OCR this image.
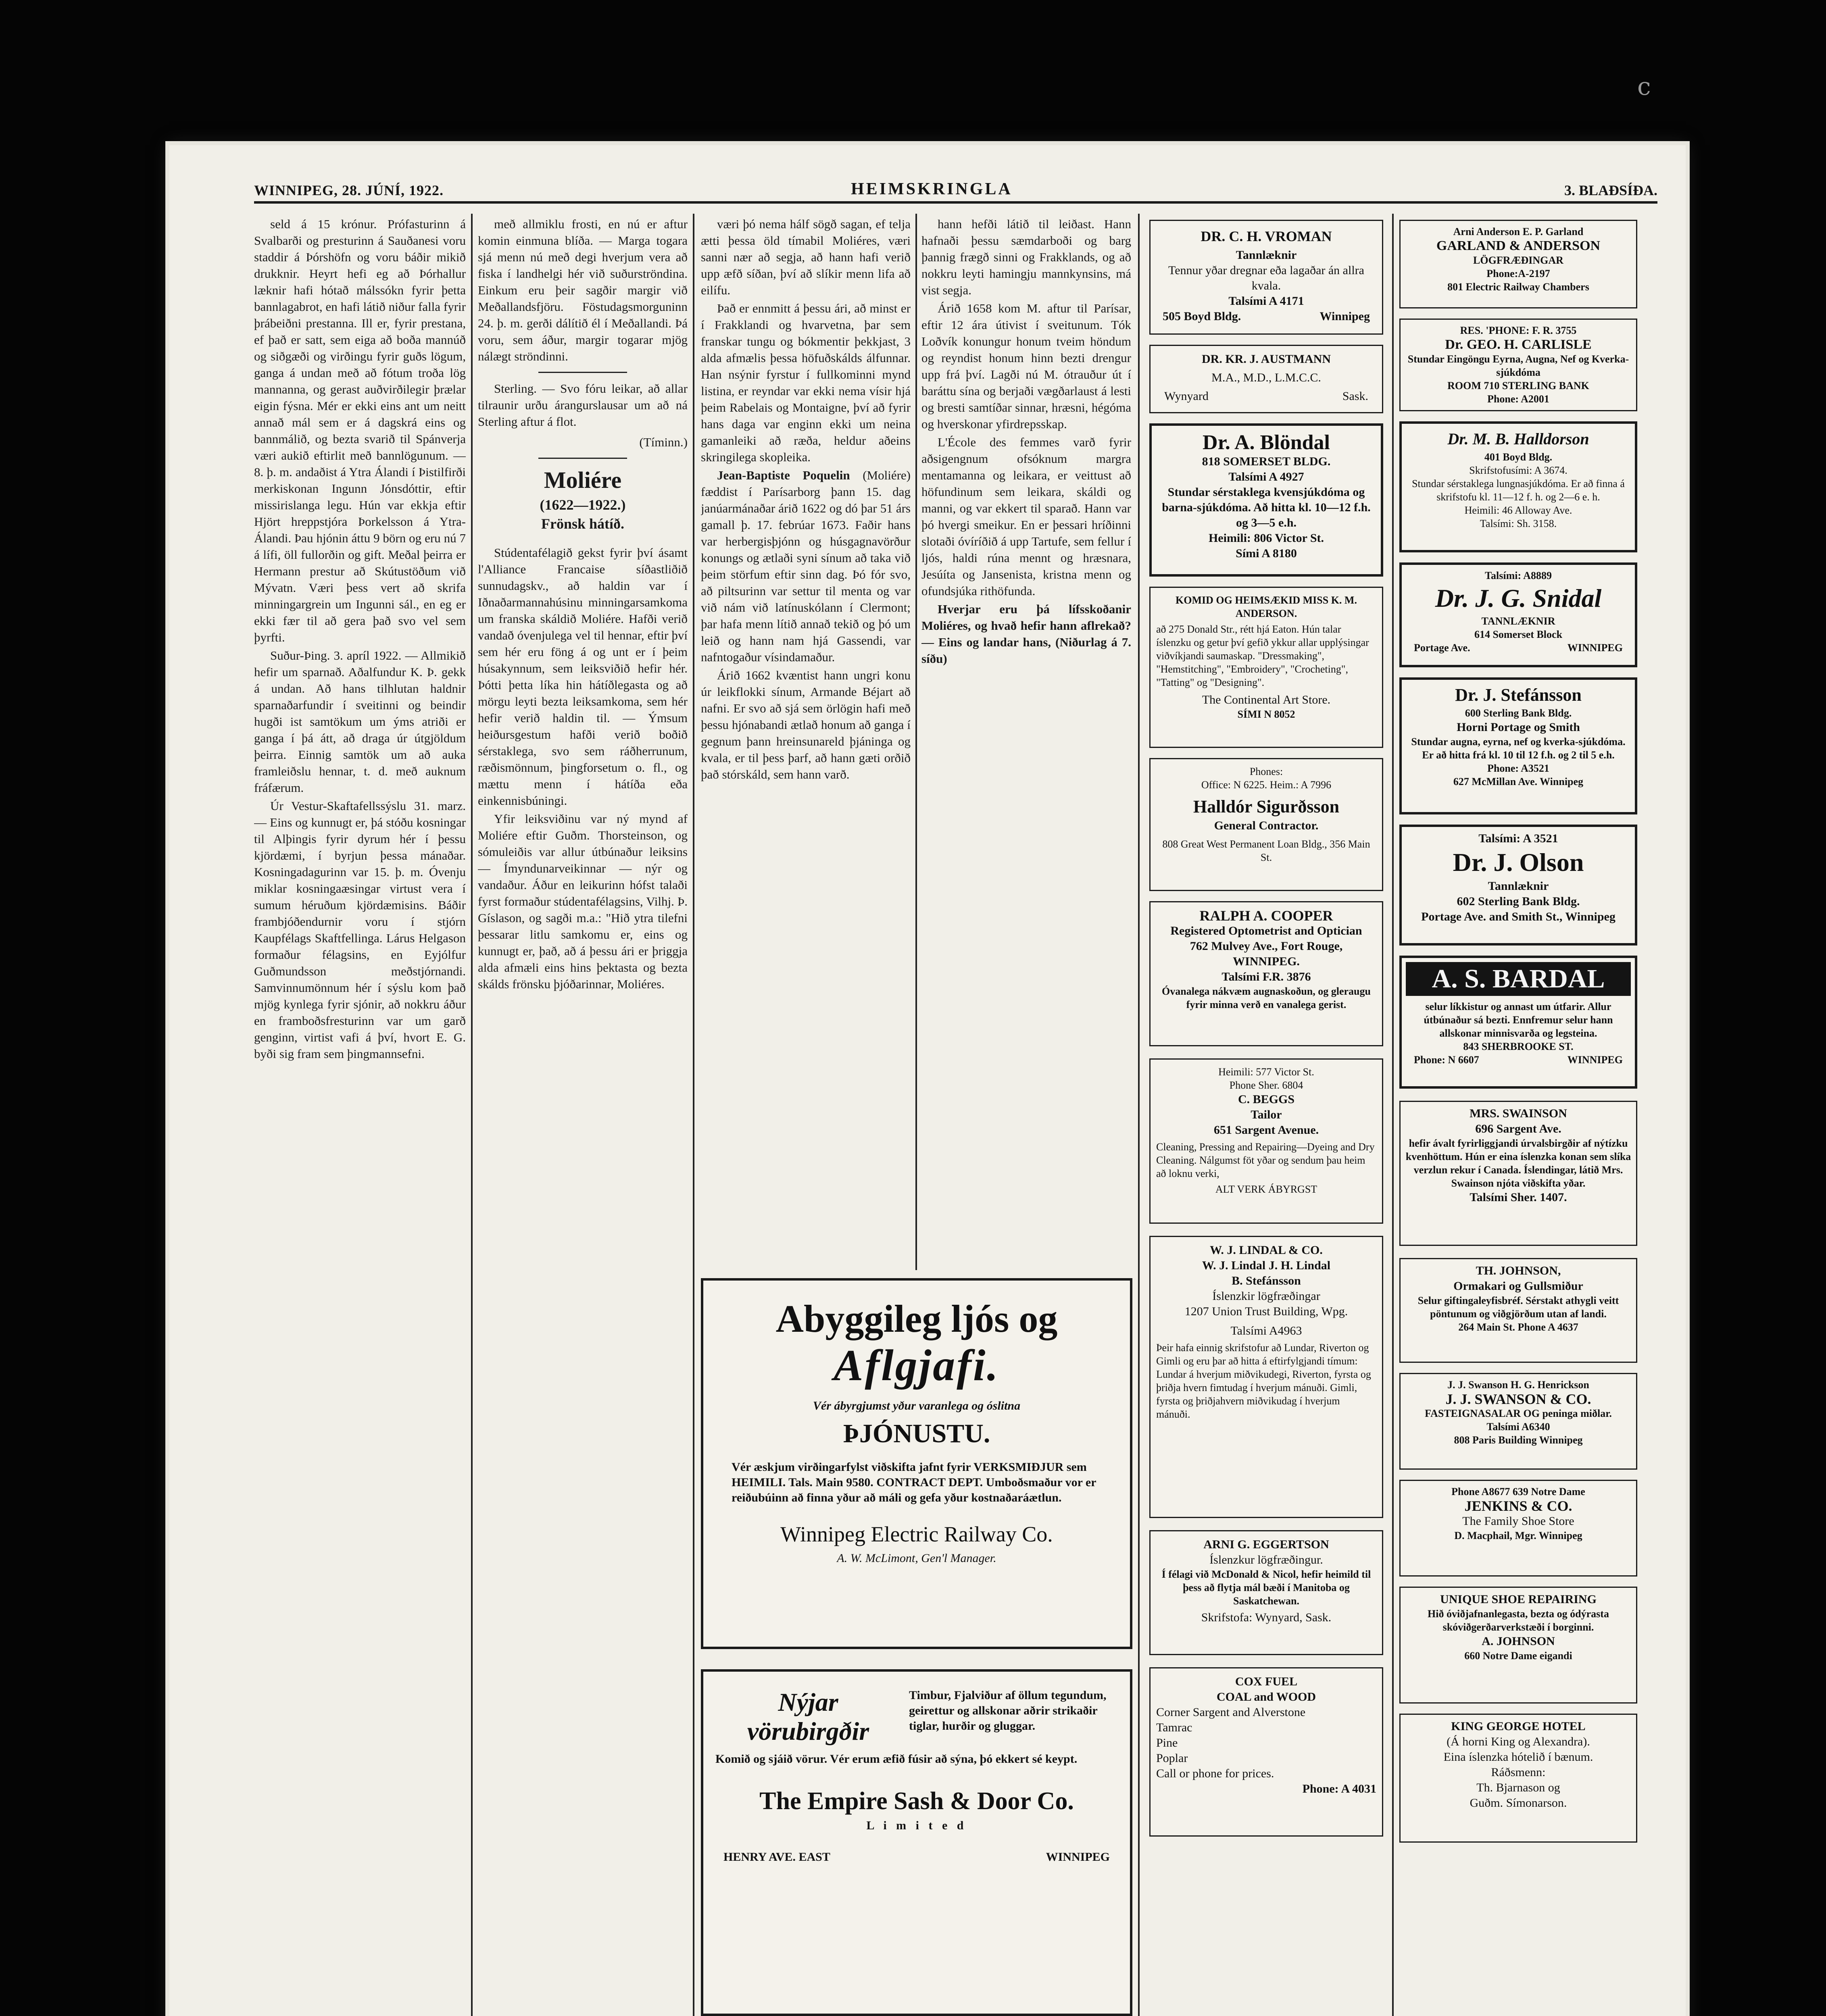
c
WINNIPEG, 28. JÚNÍ, 1922.	HEIMSKRINGLA	3. BLAÐSÍÐA.

seld á 15 krónur. Prófasturinn á Svalbarði og presturinn á Sauðanesi voru staddir á Þórshöfn og voru báðir mikið drukknir. Heyrt hefi eg að Þórhallur læknir hafi hótað málssókn fyrir þetta bannlagabrot, en hafi látið niður falla fyrir þrábeiðni prestanna. Ill er, fyrir prestana, ef það er satt, sem eiga að boða mannúð og siðgæði og virðingu fyrir guðs lögum, ganga á undan með að fótum troða lög mannanna, og gerast auðvirðilegir þrælar eigin fýsna. Mér er ekki eins ant um neitt annað mál sem er á dagskrá eins og bannmálið, og bezta svarið til Spánverja væri aukið eftirlit með bannlögunum. — 8. þ. m. andaðist á Ytra Álandi í Þistilfirði merkiskonan Ingunn Jónsdóttir, eftir missirislanga legu. Hún var ekkja eftir Hjört hreppstjóra Þorkelsson á Ytra-Álandi. Þau hjónin áttu 9 börn og eru nú 7 á lífi, öll fullorðin og gift. Meðal þeirra er Hermann prestur að Skútustöðum við Mývatn. Væri þess vert að skrifa minningargrein um Ingunni sál., en eg er ekki fær til að gera það svo vel sem þyrfti.

Suður-Þing. 3. apríl 1922. — Allmikið hefir um sparnað. Aðalfundur K. Þ. gekk á undan. Að hans tilhlutan haldnir sparnaðarfundir í sveitinni og beindir hugði ist samtökum um ýms atriði er ganga í þá átt, að draga úr útgjöldum þeirra. Einnig samtök um að auka framleiðslu hennar, t. d. með auknum fráfærum.

Úr Vestur-Skaftafellssýslu 31. marz. — Eins og kunnugt er, þá stóðu kosningar til Alþingis fyrir dyrum hér í þessu kjördæmi, í byrjun þessa mánaðar. Kosningadagurinn var 15. þ. m. Óvenju miklar kosningaæsingar virtust vera í sumum héruðum kjördæmisins. Báðir frambjóðendurnir voru í stjórn Kaupfélags Skaftfellinga. Lárus Helgason formaður félagsins, en Eyjólfur Guðmundsson meðstjórnandi. Samvinnumönnum hér í sýslu kom það mjög kynlega fyrir sjónir, að nokkru áður en framboðsfresturinn var um garð genginn, virtist vafi á því, hvort E. G. byði sig fram sem þingmannsefni.

með allmiklu frosti, en nú er aftur komin einmuna blíða. — Marga togara sjá menn nú með degi hverjum vera að fiska í landhelgi hér við suðurströndina. Einkum eru þeir sagðir margir við Meðallandsfjöru. Föstudagsmorguninn 24. þ. m. gerði dálítið él í Meðallandi. Þá voru, sem áður, margir togarar mjög nálægt ströndinni.

Sterling. — Svo fóru leikar, að allar tilraunir urðu árangurslausar um að ná Sterling aftur á flot.

(Tíminn.)
Moliére
(1622—1922.)
Frönsk hátíð.

Stúdentafélagið gekst fyrir því ásamt l'Alliance Francaise síðastliðið sunnudagskv., að haldin var í Iðnaðarmannahúsinu minningarsamkoma um franska skáldið Moliére. Hafði verið vandað óvenjulega vel til hennar, eftir því sem hér eru föng á og unt er í þeim húsakynnum, sem leiksviðið hefir hér. Þótti þetta líka hin hátíðlegasta og að mörgu leyti bezta leiksamkoma, sem hér hefir verið haldin til. — Ýmsum heiðursgestum hafði verið boðið sérstaklega, svo sem ráðherrunum, ræðismönnum, þingforsetum o. fl., og mættu menn í hátíða eða einkennisbúningi.

Yfir leiksviðinu var ný mynd af Moliére eftir Guðm. Thorsteinson, og sómuleiðis var allur útbúnaður leiksins — Ímyndunarveikinnar — nýr og vandaður. Áður en leikurinn hófst talaði fyrst formaður stúdentafélagsins, Vilhj. Þ. Gíslason, og sagði m.a.: "Hið ytra tilefni þessarar litlu samkomu er, eins og kunnugt er, það, að á þessu ári er þriggja alda afmæli eins hins þektasta og bezta skálds frönsku þjóðarinnar, Moliéres.

væri þó nema hálf sögð sagan, ef telja ætti þessa öld tímabil Moliéres, væri sanni nær að segja, að hann hafi verið upp æfð síðan, því að slíkir menn lifa að eilífu.

Það er ennmitt á þessu ári, að minst er í Frakklandi og hvarvetna, þar sem franskar tungu og bókmentir þekkjast, 3 alda afmælis þessa höfuðskálds álfunnar. Han nsýnir fyrstur í fullkominni mynd listina, er reyndar var ekki nema vísir hjá þeim Rabelais og Montaigne, því að fyrir hans daga var enginn ekki um neina gamanleiki að ræða, heldur aðeins skringilega skopleika.

Jean-Baptiste Poquelin (Moliére) fæddist í Parísarborg þann 15. dag janúarmánaðar árið 1622 og dó þar 51 árs gamall þ. 17. febrúar 1673. Faðir hans var herbergisþjónn og húsgagnavörður konungs og ætlaði syni sínum að taka við þeim störfum eftir sinn dag. Þó fór svo, að piltsurinn var settur til menta og var við nám við latínuskólann í Clermont; þar hafa menn lítið annað tekið og þó um leið og hann nam hjá Gassendi, var nafntogaður vísindamaður.

Árið 1662 kvæntist hann ungri konu úr leikflokki sínum, Armande Béjart að nafni. Er svo að sjá sem örlögin hafi með þessu hjónabandi ætlað honum að ganga í gegnum þann hreinsunareld þjáninga og kvala, er til þess þarf, að hann gæti orðið það stórskáld, sem hann varð.

hann hefði látið til leiðast. Hann hafnaði þessu sæmdarboði og barg þannig frægð sinni og Frakklands, og að nokkru leyti hamingju mannkynsins, má vist segja.

Árið 1658 kom M. aftur til Parísar, eftir 12 ára útivist í sveitunum. Tók Loðvík konungur honum tveim höndum og reyndist honum hinn bezti drengur upp frá því. Lagði nú M. ótrauður út í baráttu sína og berjaði vægðarlaust á lesti og bresti samtíðar sinnar, hræsni, hégóma og hverskonar yfirdrepsskap.

L'École des femmes varð fyrir aðsigengnum ofsóknum margra mentamanna og leikara, er veittust að höfundinum sem leikara, skáldi og manni, og var ekkert til sparað. Hann var þó hvergi smeikur. En er þessari hríðinni slotaði óvíríðið á upp Tartufe, sem fellur í ljós, haldi rúna mennt og hræsnara, Jesúíta og Jansenista, kristna menn og ofundsjúka rithöfunda.

Hverjar eru þá lífsskoðanir Moliéres, og hvað hefir hann aflrekað? — Eins og landar hans, (Niðurlag á 7. síðu)

Abyggileg ljós og
Aflgjafi.
Vér ábyrgjumst yður varanlega og óslitna
ÞJÓNUSTU.
Vér æskjum virðingarfylst viðskifta jafnt fyrir VERKSMIÐJUR sem HEIMILI. Tals. Main 9580. CONTRACT DEPT. Umboðsmaður vor er reiðubúinn að finna yður að máli og gefa yður kostnaðaráætlun.
Winnipeg Electric Railway Co.
A. W. McLimont, Gen'l Manager.
Nýjar vörubirgðir
Timbur, Fjalviður af öllum tegundum, geirettur og allskonar aðrir strikaðir tiglar, hurðir og gluggar.
Komið og sjáið vörur. Vér erum æfið fúsir að sýna, þó ekkert sé keypt.
The Empire Sash & Door Co.
L i m i t e d
HENRY AVE. EAST	WINNIPEG
DR. C. H. VROMAN
Tannlæknir
Tennur yðar dregnar eða lagaðar án allra kvala.
Talsími A 4171
505 Boyd Bldg.	Winnipeg
DR. KR. J. AUSTMANN
M.A., M.D., L.M.C.C.
Wynyard	Sask.
Dr. A. Blöndal
818 SOMERSET BLDG.
Talsími A 4927
Stundar sérstaklega kvensjúkdóma og barna-sjúkdóma. Að hitta kl. 10—12 f.h. og 3—5 e.h.
Heimili: 806 Victor St.
Sími A 8180
KOMID OG HEIMSÆKID MISS K. M. ANDERSON.
að 275 Donald Str., rétt hjá Eaton. Hún talar íslenzku og getur því gefið ykkur allar upplýsingar viðvíkjandi saumaskap. "Dressmaking", "Hemstitching", "Embroidery", "Crocheting", "Tatting" og "Designing".
The Continental Art Store.
SÍMI N 8052
Phones:
Office: N 6225. Heim.: A 7996
Halldór Sigurðsson
General Contractor.
808 Great West Permanent Loan Bldg., 356 Main St.
RALPH A. COOPER
Registered Optometrist and Optician
762 Mulvey Ave., Fort Rouge, WINNIPEG.
Talsími F.R. 3876
Óvanalega nákvæm augnaskoðun, og gleraugu fyrir minna verð en vanalega gerist.
Heimili: 577 Victor St.
Phone Sher. 6804
C. BEGGS
Tailor
651 Sargent Avenue.
Cleaning, Pressing and Repairing—Dyeing and Dry Cleaning. Nálgumst föt yðar og sendum þau heim að loknu verki,
ALT VERK ÁBYRGST
W. J. LINDAL & CO.
W. J. Lindal J. H. Lindal
B. Stefánsson
Íslenzkir lögfræðingar
1207 Union Trust Building, Wpg.
Talsími A4963
Þeir hafa einnig skrifstofur að Lundar, Riverton og Gimli og eru þar að hitta á eftirfylgjandi tímum: Lundar á hverjum miðvikudegi, Riverton, fyrsta og þriðja hvern fimtudag í hverjum mánuði. Gimli, fyrsta og þriðjahvern miðvikudag í hverjum mánuði.
ARNI G. EGGERTSON
Íslenzkur lögfræðingur.
Í félagi við McDonald & Nicol, hefir heimild til þess að flytja mál bæði í Manitoba og Saskatchewan.
Skrifstofa: Wynyard, Sask.
COX FUEL
COAL and WOOD
Corner Sargent and Alverstone
Tamrac
Pine
Poplar
Call or phone for prices.
Phone: A 4031
Arni Anderson E. P. Garland
GARLAND & ANDERSON
LÖGFRÆÐINGAR
Phone:A-2197
801 Electric Railway Chambers
RES. 'PHONE: F. R. 3755
Dr. GEO. H. CARLISLE
Stundar Eingöngu Eyrna, Augna, Nef og Kverka-sjúkdóma
ROOM 710 STERLING BANK
Phone: A2001
Dr. M. B. Halldorson
401 Boyd Bldg.
Skrifstofusími: A 3674.
Stundar sérstaklega lungnasjúkdóma. Er að finna á skrifstofu kl. 11—12 f. h. og 2—6 e. h.
Heimili: 46 Alloway Ave.
Talsími: Sh. 3158.
Talsími: A8889
Dr. J. G. Snidal
TANNLÆKNIR
614 Somerset Block
Portage Ave.	WINNIPEG
Dr. J. Stefánsson
600 Sterling Bank Bldg.
Horni Portage og Smith
Stundar augna, eyrna, nef og kverka-sjúkdóma. Er að hitta frá kl. 10 til 12 f.h. og 2 til 5 e.h.
Phone: A3521
627 McMillan Ave. Winnipeg
Talsími: A 3521
Dr. J. Olson
Tannlæknir
602 Sterling Bank Bldg.
Portage Ave. and Smith St., Winnipeg
A. S. BARDAL
selur líkkistur og annast um útfarir. Allur útbúnaður sá bezti. Ennfremur selur hann allskonar minnisvarða og legsteina.
843 SHERBROOKE ST.
Phone: N 6607	WINNIPEG
MRS. SWAINSON
696 Sargent Ave.
hefir ávalt fyrirliggjandi úrvalsbirgðir af nýtízku kvenhöttum. Hún er eina íslenzka konan sem slíka verzlun rekur í Canada. Íslendingar, látið Mrs. Swainson njóta viðskifta yðar.
Talsími Sher. 1407.
TH. JOHNSON,
Ormakari og Gullsmiður
Selur giftingaleyfisbréf. Sérstakt athygli veitt pöntunum og viðgjörðum utan af landi.
264 Main St. Phone A 4637
J. J. Swanson H. G. Henrickson
J. J. SWANSON & CO.
FASTEIGNASALAR OG peninga miðlar.
Talsími A6340
808 Paris Building Winnipeg
Phone A8677 639 Notre Dame
JENKINS & CO.
The Family Shoe Store
D. Macphail, Mgr. Winnipeg
UNIQUE SHOE REPAIRING
Hið óviðjafnanlegasta, bezta og ódýrasta skóviðgerðarverkstæði í borginni.
A. JOHNSON
660 Notre Dame eigandi
KING GEORGE HOTEL
(Á horni King og Alexandra).
Eina íslenzka hótelið í bænum.
Ráðsmenn:
Th. Bjarnason og
Guðm. Símonarson.
